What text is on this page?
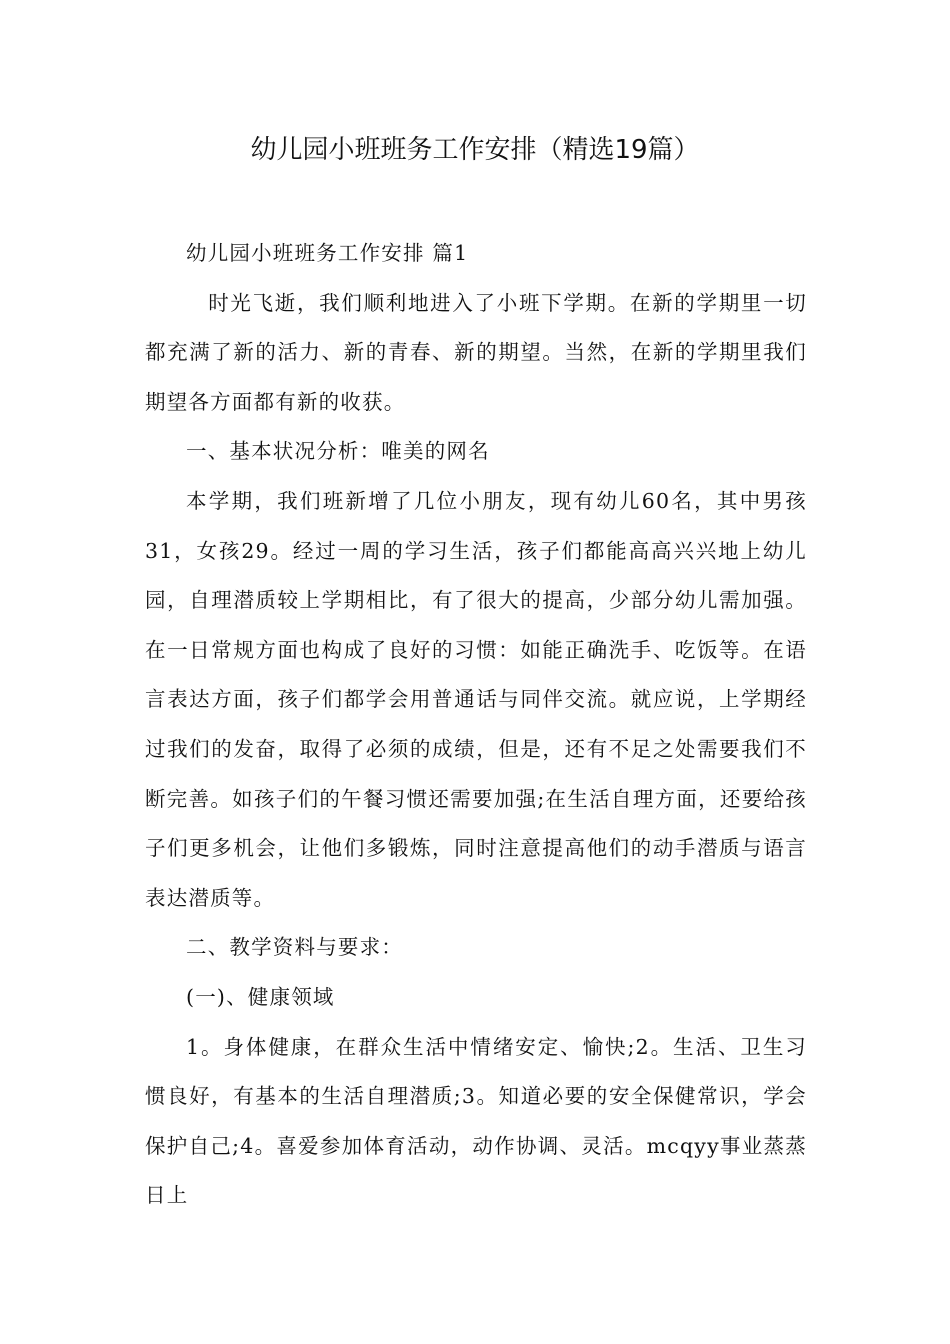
幼儿园小班班务工作安排（精选19篇）

幼儿园小班班务工作安排 篇1

　时光飞逝，我们顺利地进入了小班下学期。在新的学期里一切都充满了新的活力、新的青春、新的期望。当然，在新的学期里我们期望各方面都有新的收获。

一、基本状况分析：唯美的网名

本学期，我们班新增了几位小朋友，现有幼儿60名，其中男孩31，女孩29。经过一周的学习生活，孩子们都能高高兴兴地上幼儿园，自理潜质较上学期相比，有了很大的提高，少部分幼儿需加强。在一日常规方面也构成了良好的习惯：如能正确洗手、吃饭等。在语言表达方面，孩子们都学会用普通话与同伴交流。就应说，上学期经过我们的发奋，取得了必须的成绩，但是，还有不足之处需要我们不断完善。如孩子们的午餐习惯还需要加强;在生活自理方面，还要给孩子们更多机会，让他们多锻炼，同时注意提高他们的动手潜质与语言表达潜质等。

二、教学资料与要求：

(一)、健康领域

1。身体健康，在群众生活中情绪安定、愉快;2。生活、卫生习惯良好，有基本的生活自理潜质;3。知道必要的安全保健常识，学会保护自己;4。喜爱参加体育活动，动作协调、灵活。mcqyy事业蒸蒸日上
